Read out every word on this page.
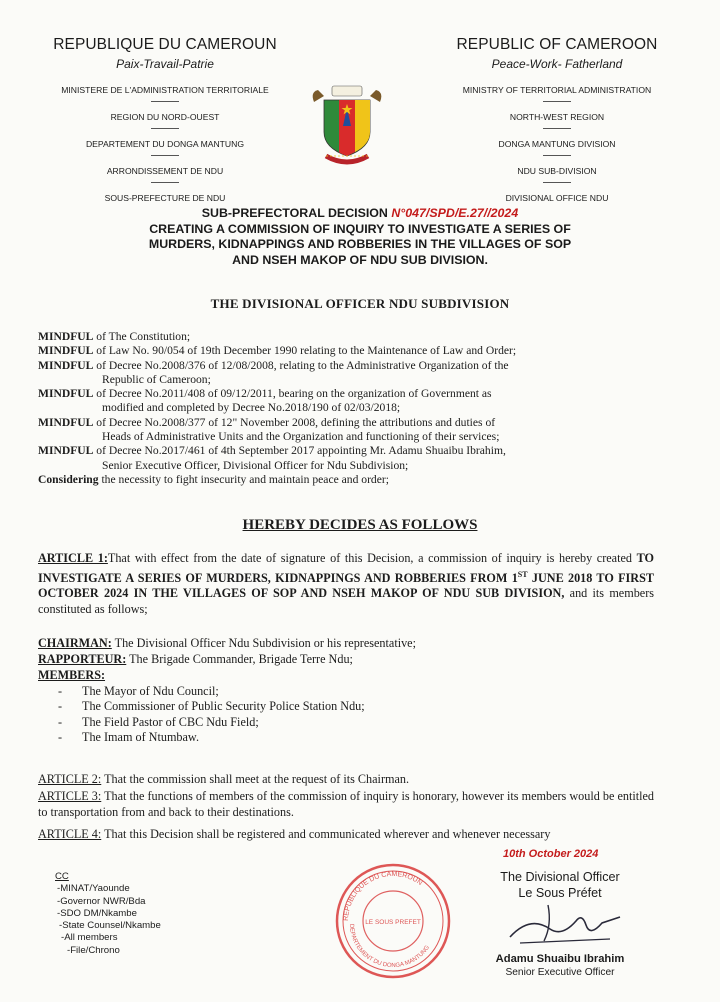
REPUBLIQUE DU CAMEROUN
Paix-Travail-Patrie
MINISTERE DE L'ADMINISTRATION TERRITORIALE
REGION DU NORD-OUEST
DEPARTEMENT DU DONGA MANTUNG
ARRONDISSEMENT DE NDU
SOUS-PREFECTURE DE NDU
REPUBLIC OF CAMEROON
Peace-Work- Fatherland
MINISTRY OF TERRITORIAL ADMINISTRATION
NORTH-WEST REGION
DONGA MANTUNG DIVISION
NDU SUB-DIVISION
DIVISIONAL OFFICE NDU
SUB-PREFECTORAL DECISION N°047/SPD/E.27//2024
CREATING A COMMISSION OF INQUIRY TO INVESTIGATE A SERIES OF
MURDERS, KIDNAPPINGS AND ROBBERIES IN THE VILLAGES OF SOP
AND NSEH MAKOP OF NDU SUB DIVISION.
THE DIVISIONAL OFFICER NDU SUBDIVISION

MINDFUL of The Constitution;

MINDFUL of Law No. 90/054 of 19th December 1990 relating to the Maintenance of Law and Order;

MINDFUL of Decree No.2008/376 of 12/08/2008, relating to the Administrative Organization of the

Republic of Cameroon;

MINDFUL of Decree No.2011/408 of 09/12/2011, bearing on the organization of Government as

modified and completed by Decree No.2018/190 of 02/03/2018;

MINDFUL of Decree No.2008/377 of 12" November 2008, defining the attributions and duties of

Heads of Administrative Units and the Organization and functioning of their services;

MINDFUL of Decree No.2017/461 of 4th September 2017 appointing Mr. Adamu Shuaibu Ibrahim,

Senior Executive Officer, Divisional Officer for Ndu Subdivision;

Considering the necessity to fight insecurity and maintain peace and order;

HEREBY DECIDES AS FOLLOWS
ARTICLE 1:That with effect from the date of signature of this Decision, a commission of inquiry is hereby created TO INVESTIGATE A SERIES OF MURDERS, KIDNAPPINGS AND ROBBERIES FROM 1ST JUNE 2018 TO FIRST OCTOBER 2024 IN THE VILLAGES OF SOP AND NSEH MAKOP OF NDU SUB DIVISION, and its members constituted as follows;
CHAIRMAN: The Divisional Officer Ndu Subdivision or his representative;
RAPPORTEUR: The Brigade Commander, Brigade Terre Ndu;
MEMBERS:
- The Mayor of Ndu Council;
- The Commissioner of Public Security Police Station Ndu;
- The Field Pastor of CBC Ndu Field;
- The Imam of Ntumbaw.
ARTICLE 2: That the commission shall meet at the request of its Chairman.
ARTICLE 3: That the functions of members of the commission of inquiry is honorary, however its members would be entitled to transportation from and back to their destinations.
ARTICLE 4: That this Decision shall be registered and communicated wherever and whenever necessary
CC
-MINAT/Yaounde
-Governor NWR/Bda
-SDO DM/Nkambe
-State Counsel/Nkambe
-All members
-File/Chrono
REPUBLIQUE DU CAMEROUN
DEPARTEMENT DU DONGA MANTUNG
LE SOUS PREFET
10th October 2024
The Divisional Officer
Le Sous Préfet
Adamu Shuaibu Ibrahim
Senior Executive Officer
